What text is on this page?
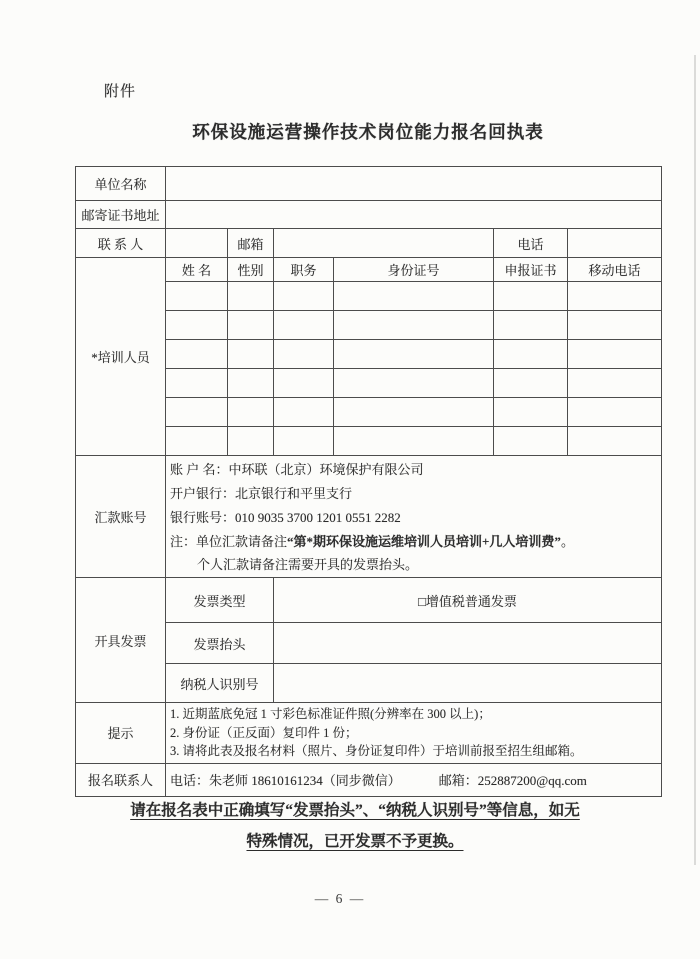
附件
环保设施运营操作技术岗位能力报名回执表
单位名称						
邮寄证书地址						
联 系 人		邮箱			电话	
*培训人员	姓 名	性别	职务	身份证号	申报证书	移动电话

汇款账号	账 户 名：中环联（北京）环境保护有限公司
开户银行：北京银行和平里支行
银行账号：010 9035 3700 1201 0551 2282
注：单位汇款请备注“第*期环保设施运维培训人员培训+几人培训费”。
个人汇款请备注需要开具的发票抬头。					

开具发票	发票类型		□增值税普通发票			
	发票抬头					
	纳税人识别号					
提示	1. 近期蓝底免冠 1 寸彩色标准证件照(分辨率在 300 以上)；
2. 身份证（正反面）复印件 1 份；
3. 请将此表及报名材料（照片、身份证复印件）于培训前报至招生组邮箱。					

报名联系人	电话：朱老师 18610161234（同步微信） 邮箱：252887200@qq.com					
请在报名表中正确填写“发票抬头”、“纳税人识别号”等信息，如无
特殊情况，已开发票不予更换。
— 6 —
